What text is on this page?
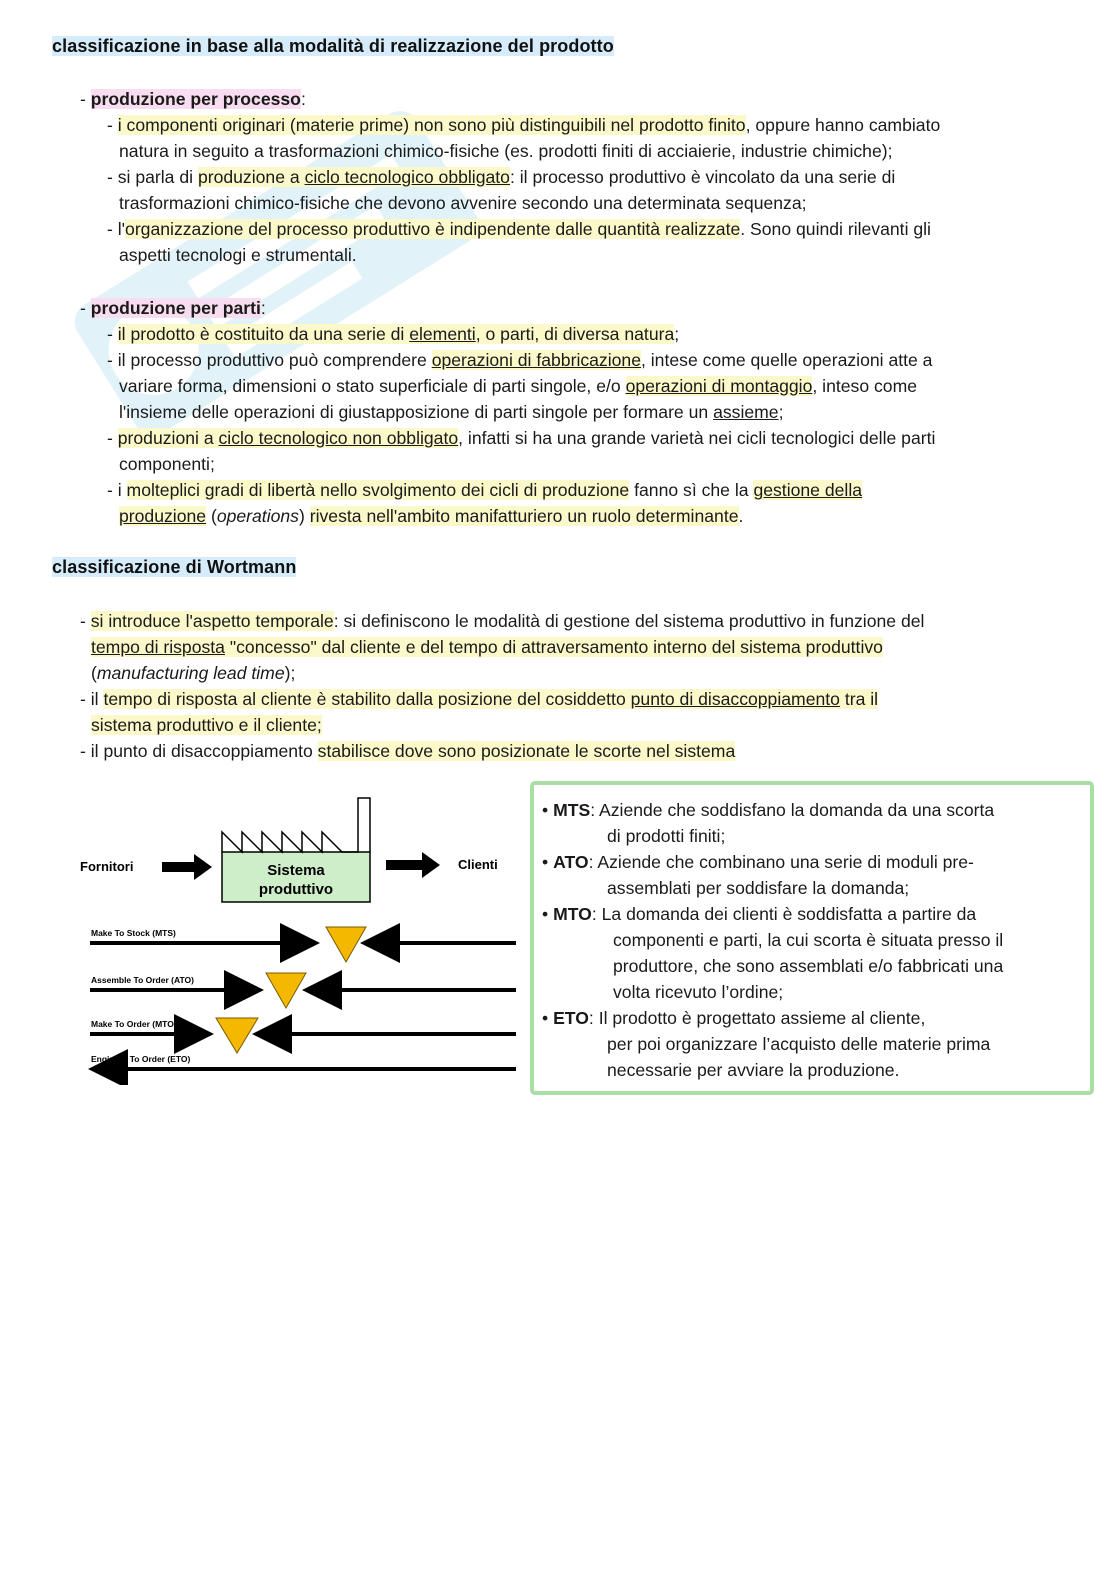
classificazione in base alla modalità di realizzazione del prodotto
- produzione per processo:
- i componenti originari (materie prime) non sono più distinguibili nel prodotto finito, oppure hanno cambiato
natura in seguito a trasformazioni chimico-fisiche (es. prodotti finiti di acciaierie, industrie chimiche);
- si parla di produzione a ciclo tecnologico obbligato: il processo produttivo è vincolato da una serie di
trasformazioni chimico-fisiche che devono avvenire secondo una determinata sequenza;
- l'organizzazione del processo produttivo è indipendente dalle quantità realizzate. Sono quindi rilevanti gli
aspetti tecnologi e strumentali.
- produzione per parti:
- il prodotto è costituito da una serie di elementi, o parti, di diversa natura;
- il processo produttivo può comprendere operazioni di fabbricazione, intese come quelle operazioni atte a
variare forma, dimensioni o stato superficiale di parti singole, e/o operazioni di montaggio, inteso come
l'insieme delle operazioni di giustapposizione di parti singole per formare un assieme;
- produzioni a ciclo tecnologico non obbligato, infatti si ha una grande varietà nei cicli tecnologici delle parti
componenti;
- i molteplici gradi di libertà nello svolgimento dei cicli di produzione fanno sì che la gestione della
produzione (operations) rivesta nell'ambito manifatturiero un ruolo determinante.
classificazione di Wortmann
- si introduce l'aspetto temporale: si definiscono le modalità di gestione del sistema produttivo in funzione del
tempo di risposta "concesso" dal cliente e del tempo di attraversamento interno del sistema produttivo
(manufacturing lead time);
- il tempo di risposta al cliente è stabilito dalla posizione del cosiddetto punto di disaccoppiamento tra il
sistema produttivo e il cliente;
- il punto di disaccoppiamento stabilisce dove sono posizionate le scorte nel sistema
Sistema
produttivo
Fornitori	Clienti
Make To Stock (MTS)
Assemble To Order (ATO)
Make To Order (MTO)
Engineer To Order (ETO)
• MTS: Aziende che soddisfano la domanda da una scorta
di prodotti finiti;
• ATO: Aziende che combinano una serie di moduli pre-
assemblati per soddisfare la domanda;
• MTO: La domanda dei clienti è soddisfatta a partire da
componenti e parti, la cui scorta è situata presso il
produttore, che sono assemblati e/o fabbricati una
volta ricevuto l’ordine;
• ETO: Il prodotto è progettato assieme al cliente,
per poi organizzare l’acquisto delle materie prima
necessarie per avviare la produzione.
